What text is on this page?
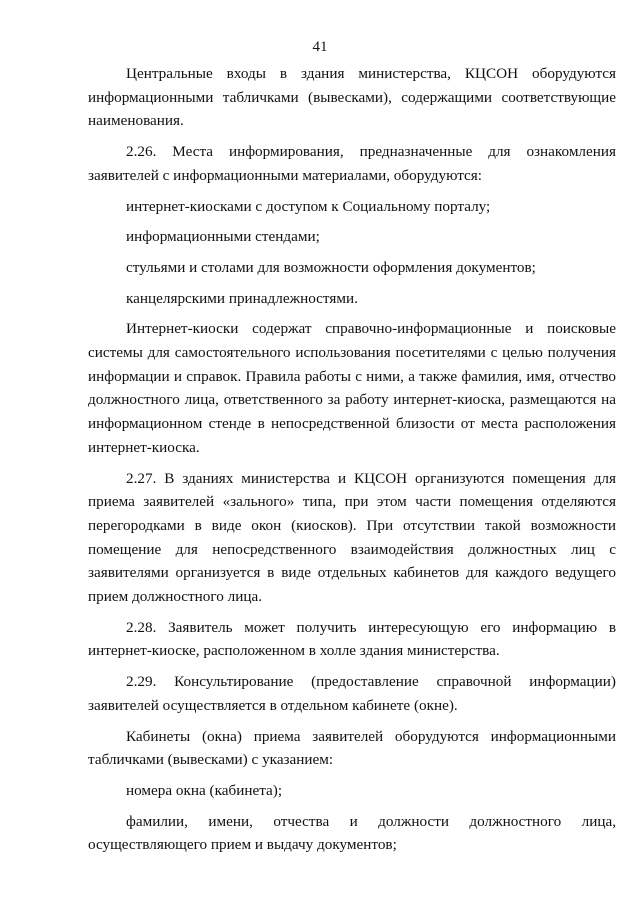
41

Центральные входы в здания министерства, КЦСОН оборудуются информационными табличками (вывесками), содержащими соответствующие наименования.

2.26. Места информирования, предназначенные для ознакомления заявителей с информационными материалами, оборудуются:

интернет-киосками с доступом к Социальному порталу;

информационными стендами;

стульями и столами для возможности оформления документов;

канцелярскими принадлежностями.

Интернет-киоски содержат справочно-информационные и поисковые системы для самостоятельного использования посетителями с целью получения информации и справок. Правила работы с ними, а также фамилия, имя, отчество должностного лица, ответственного за работу интернет-киоска, размещаются на информационном стенде в непосредственной близости от места расположения интернет-киоска.

2.27. В зданиях министерства и КЦСОН организуются помещения для приема заявителей «зального» типа, при этом части помещения отделяются перегородками в виде окон (киосков). При отсутствии такой возможности помещение для непосредственного взаимодействия должностных лиц с заявителями организуется в виде отдельных кабинетов для каждого ведущего прием должностного лица.

2.28. Заявитель может получить интересующую его информацию в интернет-киоске, расположенном в холле здания министерства.

2.29. Консультирование (предоставление справочной информации) заявителей осуществляется в отдельном кабинете (окне).

Кабинеты (окна) приема заявителей оборудуются информационными табличками (вывесками) с указанием:

номера окна (кабинета);

фамилии, имени, отчества и должности должностного лица, осуществляющего прием и выдачу документов;
